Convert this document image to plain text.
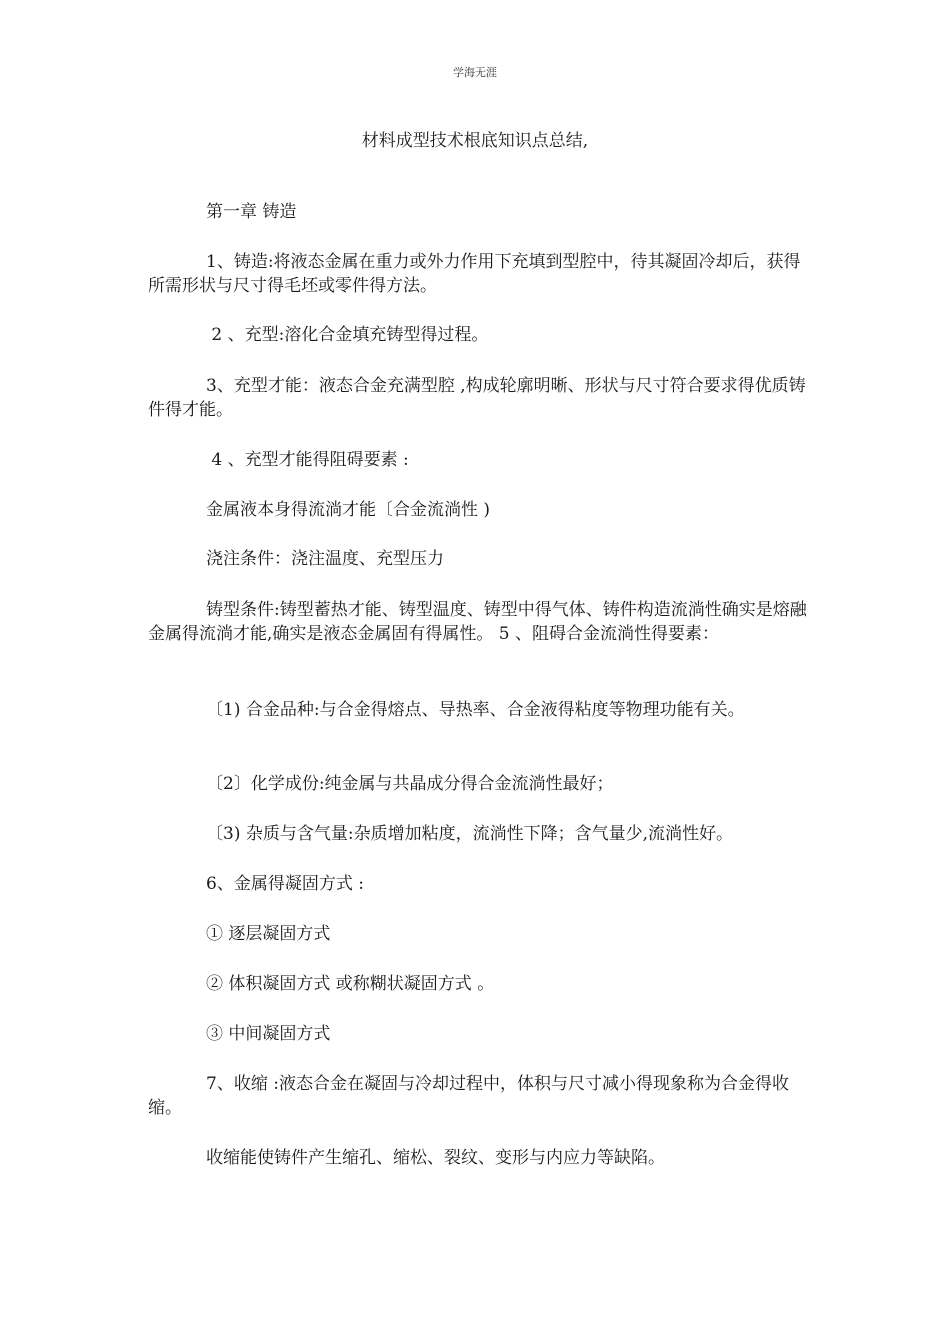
学海无涯
材料成型技术根底知识点总结,

第一章 铸造

1、铸造:将液态金属在重力或外力作用下充填到型腔中，待其凝固冷却后，获得所需形状与尺寸得毛坯或零件得方法。

2 、充型:溶化合金填充铸型得过程。

3、充型才能：液态合金充满型腔 ,构成轮廓明晰、形状与尺寸符合要求得优质铸件得才能。

4 、充型才能得阻碍要素 :

金属液本身得流淌才能〔合金流淌性 )

浇注条件：浇注温度、充型压力

铸型条件:铸型蓄热才能、铸型温度、铸型中得气体、铸件构造流淌性确实是熔融金属得流淌才能,确实是液态金属固有得属性。 5 、阻碍合金流淌性得要素：

〔1) 合金品种:与合金得熔点、导热率、合金液得粘度等物理功能有关。

〔2〕化学成份:纯金属与共晶成分得合金流淌性最好；

〔3) 杂质与含气量:杂质增加粘度，流淌性下降；含气量少,流淌性好。

6、金属得凝固方式 :

① 逐层凝固方式

② 体积凝固方式 或称糊状凝固方式 。

③ 中间凝固方式

7、收缩 :液态合金在凝固与冷却过程中，体积与尺寸减小得现象称为合金得收缩。

收缩能使铸件产生缩孔、缩松、裂纹、变形与内应力等缺陷。
